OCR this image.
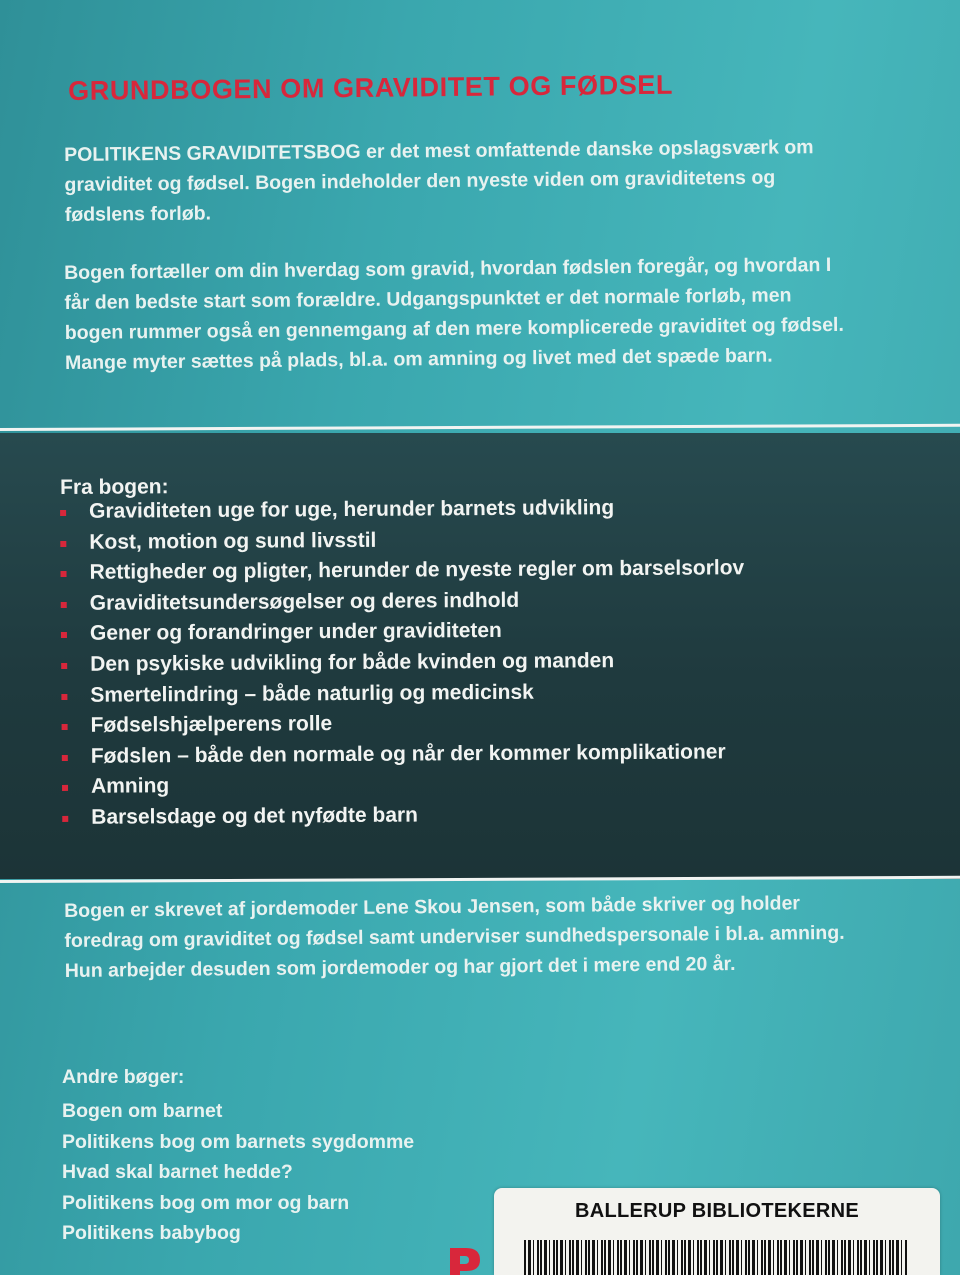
GRUNDBOGEN OM GRAVIDITET OG FØDSEL

POLITIKENS GRAVIDITETSBOG er det mest omfattende danske opslagsværk om graviditet og fødsel. Bogen indeholder den nyeste viden om graviditetens og fødslens forløb.

Bogen fortæller om din hverdag som gravid, hvordan fødslen foregår, og hvordan I får den bedste start som forældre. Udgangspunktet er det normale forløb, men bogen rummer også en gennemgang af den mere komplicerede graviditet og fødsel. Mange myter sættes på plads, bl.a. om amning og livet med det spæde barn.

Fra bogen:
Graviditeten uge for uge, herunder barnets udvikling
Kost, motion og sund livsstil
Rettigheder og pligter, herunder de nyeste regler om barselsorlov
Graviditetsundersøgelser og deres indhold
Gener og forandringer under graviditeten
Den psykiske udvikling for både kvinden og manden
Smertelindring – både naturlig og medicinsk
Fødselshjælperens rolle
Fødslen – både den normale og når der kommer komplikationer
Amning
Barselsdage og det nyfødte barn

Bogen er skrevet af jordemoder Lene Skou Jensen, som både skriver og holder foredrag om graviditet og fødsel samt underviser sundhedspersonale i bl.a. amning. Hun arbejder desuden som jordemoder og har gjort det i mere end 20 år.

Andre bøger:
Bogen om barnet
Politikens bog om barnets sygdomme
Hvad skal barnet hedde?
Politikens bog om mor og barn
Politikens babybog
BALLERUP BIBLIOTEKERNE
